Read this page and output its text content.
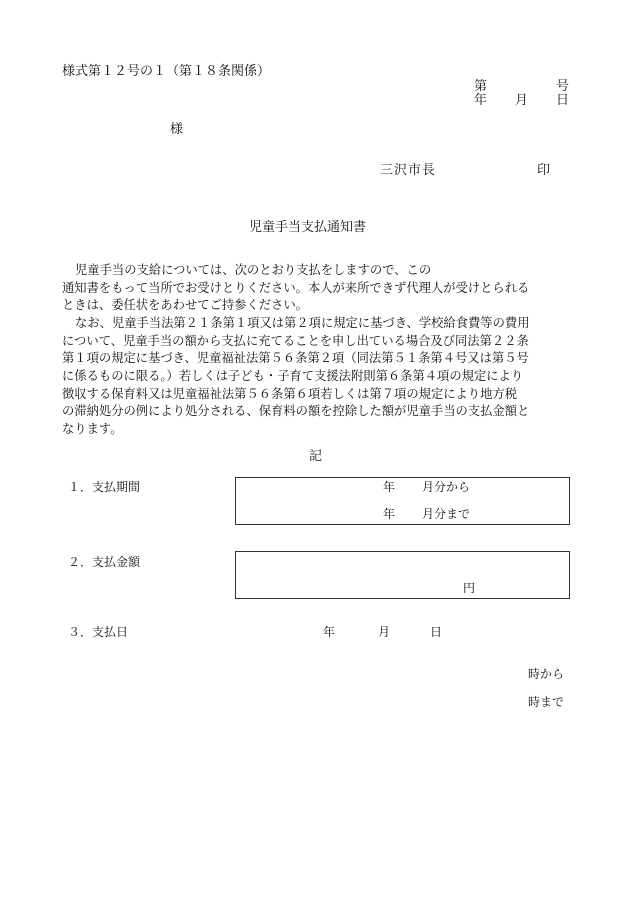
様式第１２号の１（第１８条関係）
第	号
年 月 日
様
三沢市長	印
児童手当支払通知書
児童手当の支給については、次のとおり支払をしますので、この
通知書をもって当所でお受けとりください。本人が来所できず代理人が受けとられる
ときは、委任状をあわせてご持参ください。
なお、児童手当法第２１条第１項又は第２項に規定に基づき、学校給食費等の費用
について、児童手当の額から支払に充てることを申し出ている場合及び同法第２２条
第１項の規定に基づき、児童福祉法第５６条第２項（同法第５１条第４号又は第５号
に係るものに限る。）若しくは子ども・子育て支援法附則第６条第４項の規定により
徴収する保育料又は児童福祉法第５６条第６項若しくは第７項の規定により地方税
の滞納処分の例により処分される、保育料の額を控除した額が児童手当の支払金額と
なります。
記
１．支払期間	年 月分から
年 月分まで
２．支払金額
円
３．支払日	年	月	日
時から
時まで
